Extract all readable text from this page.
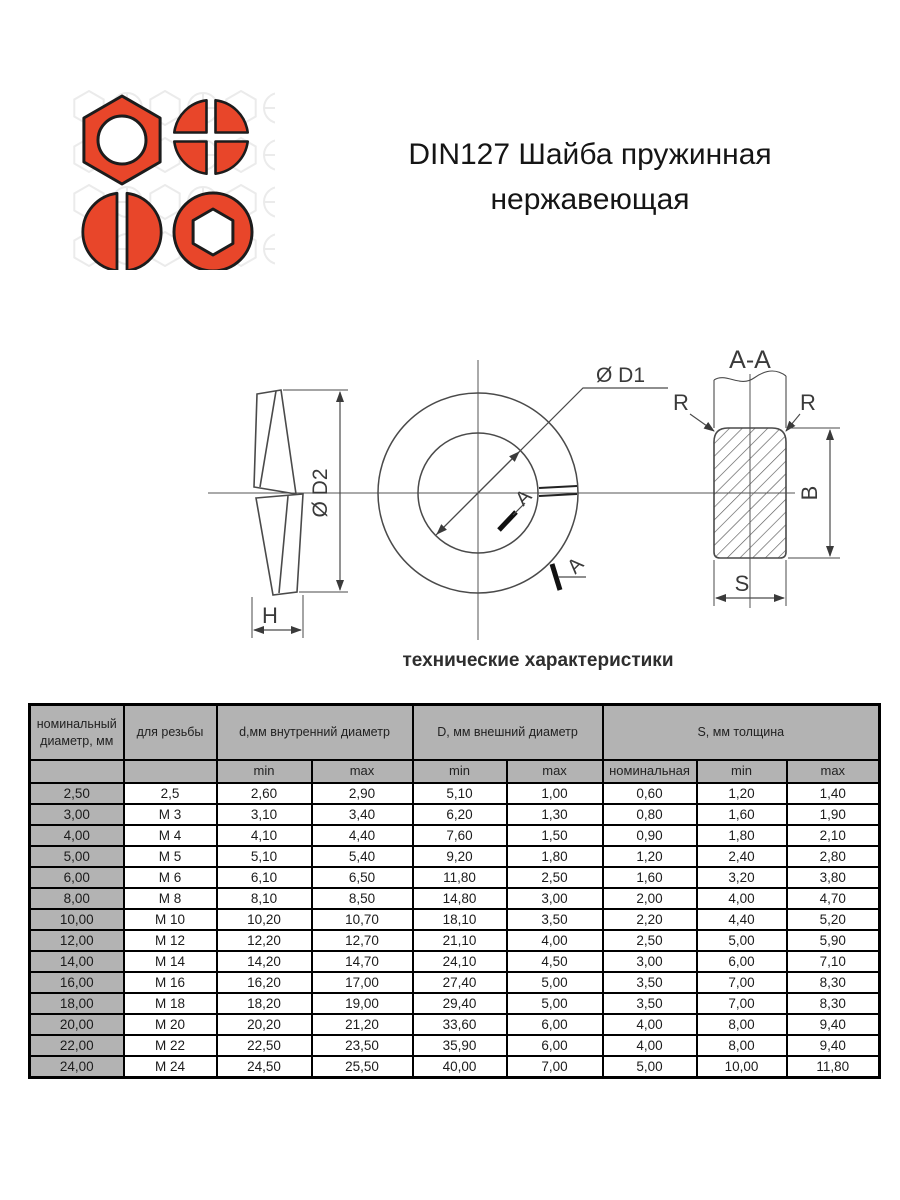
DIN127 Шайба пружинная
нержавеющая
Ø D2
H
Ø D1
A
A
A-A
R	R
B
S
технические характеристики
номинальный диаметр, мм	для резьбы	d,мм внутренний диаметр		D, мм внешний диаметр		S, мм толщина		
		min	max	min	max	номинальная	min	max
2,50	2,5	2,60	2,90	5,10	1,00	0,60	1,20	1,40
3,00	M 3	3,10	3,40	6,20	1,30	0,80	1,60	1,90
4,00	M 4	4,10	4,40	7,60	1,50	0,90	1,80	2,10
5,00	M 5	5,10	5,40	9,20	1,80	1,20	2,40	2,80
6,00	M 6	6,10	6,50	11,80	2,50	1,60	3,20	3,80
8,00	M 8	8,10	8,50	14,80	3,00	2,00	4,00	4,70
10,00	M 10	10,20	10,70	18,10	3,50	2,20	4,40	5,20
12,00	M 12	12,20	12,70	21,10	4,00	2,50	5,00	5,90
14,00	M 14	14,20	14,70	24,10	4,50	3,00	6,00	7,10
16,00	M 16	16,20	17,00	27,40	5,00	3,50	7,00	8,30
18,00	M 18	18,20	19,00	29,40	5,00	3,50	7,00	8,30
20,00	M 20	20,20	21,20	33,60	6,00	4,00	8,00	9,40
22,00	M 22	22,50	23,50	35,90	6,00	4,00	8,00	9,40
24,00	M 24	24,50	25,50	40,00	7,00	5,00	10,00	11,80
